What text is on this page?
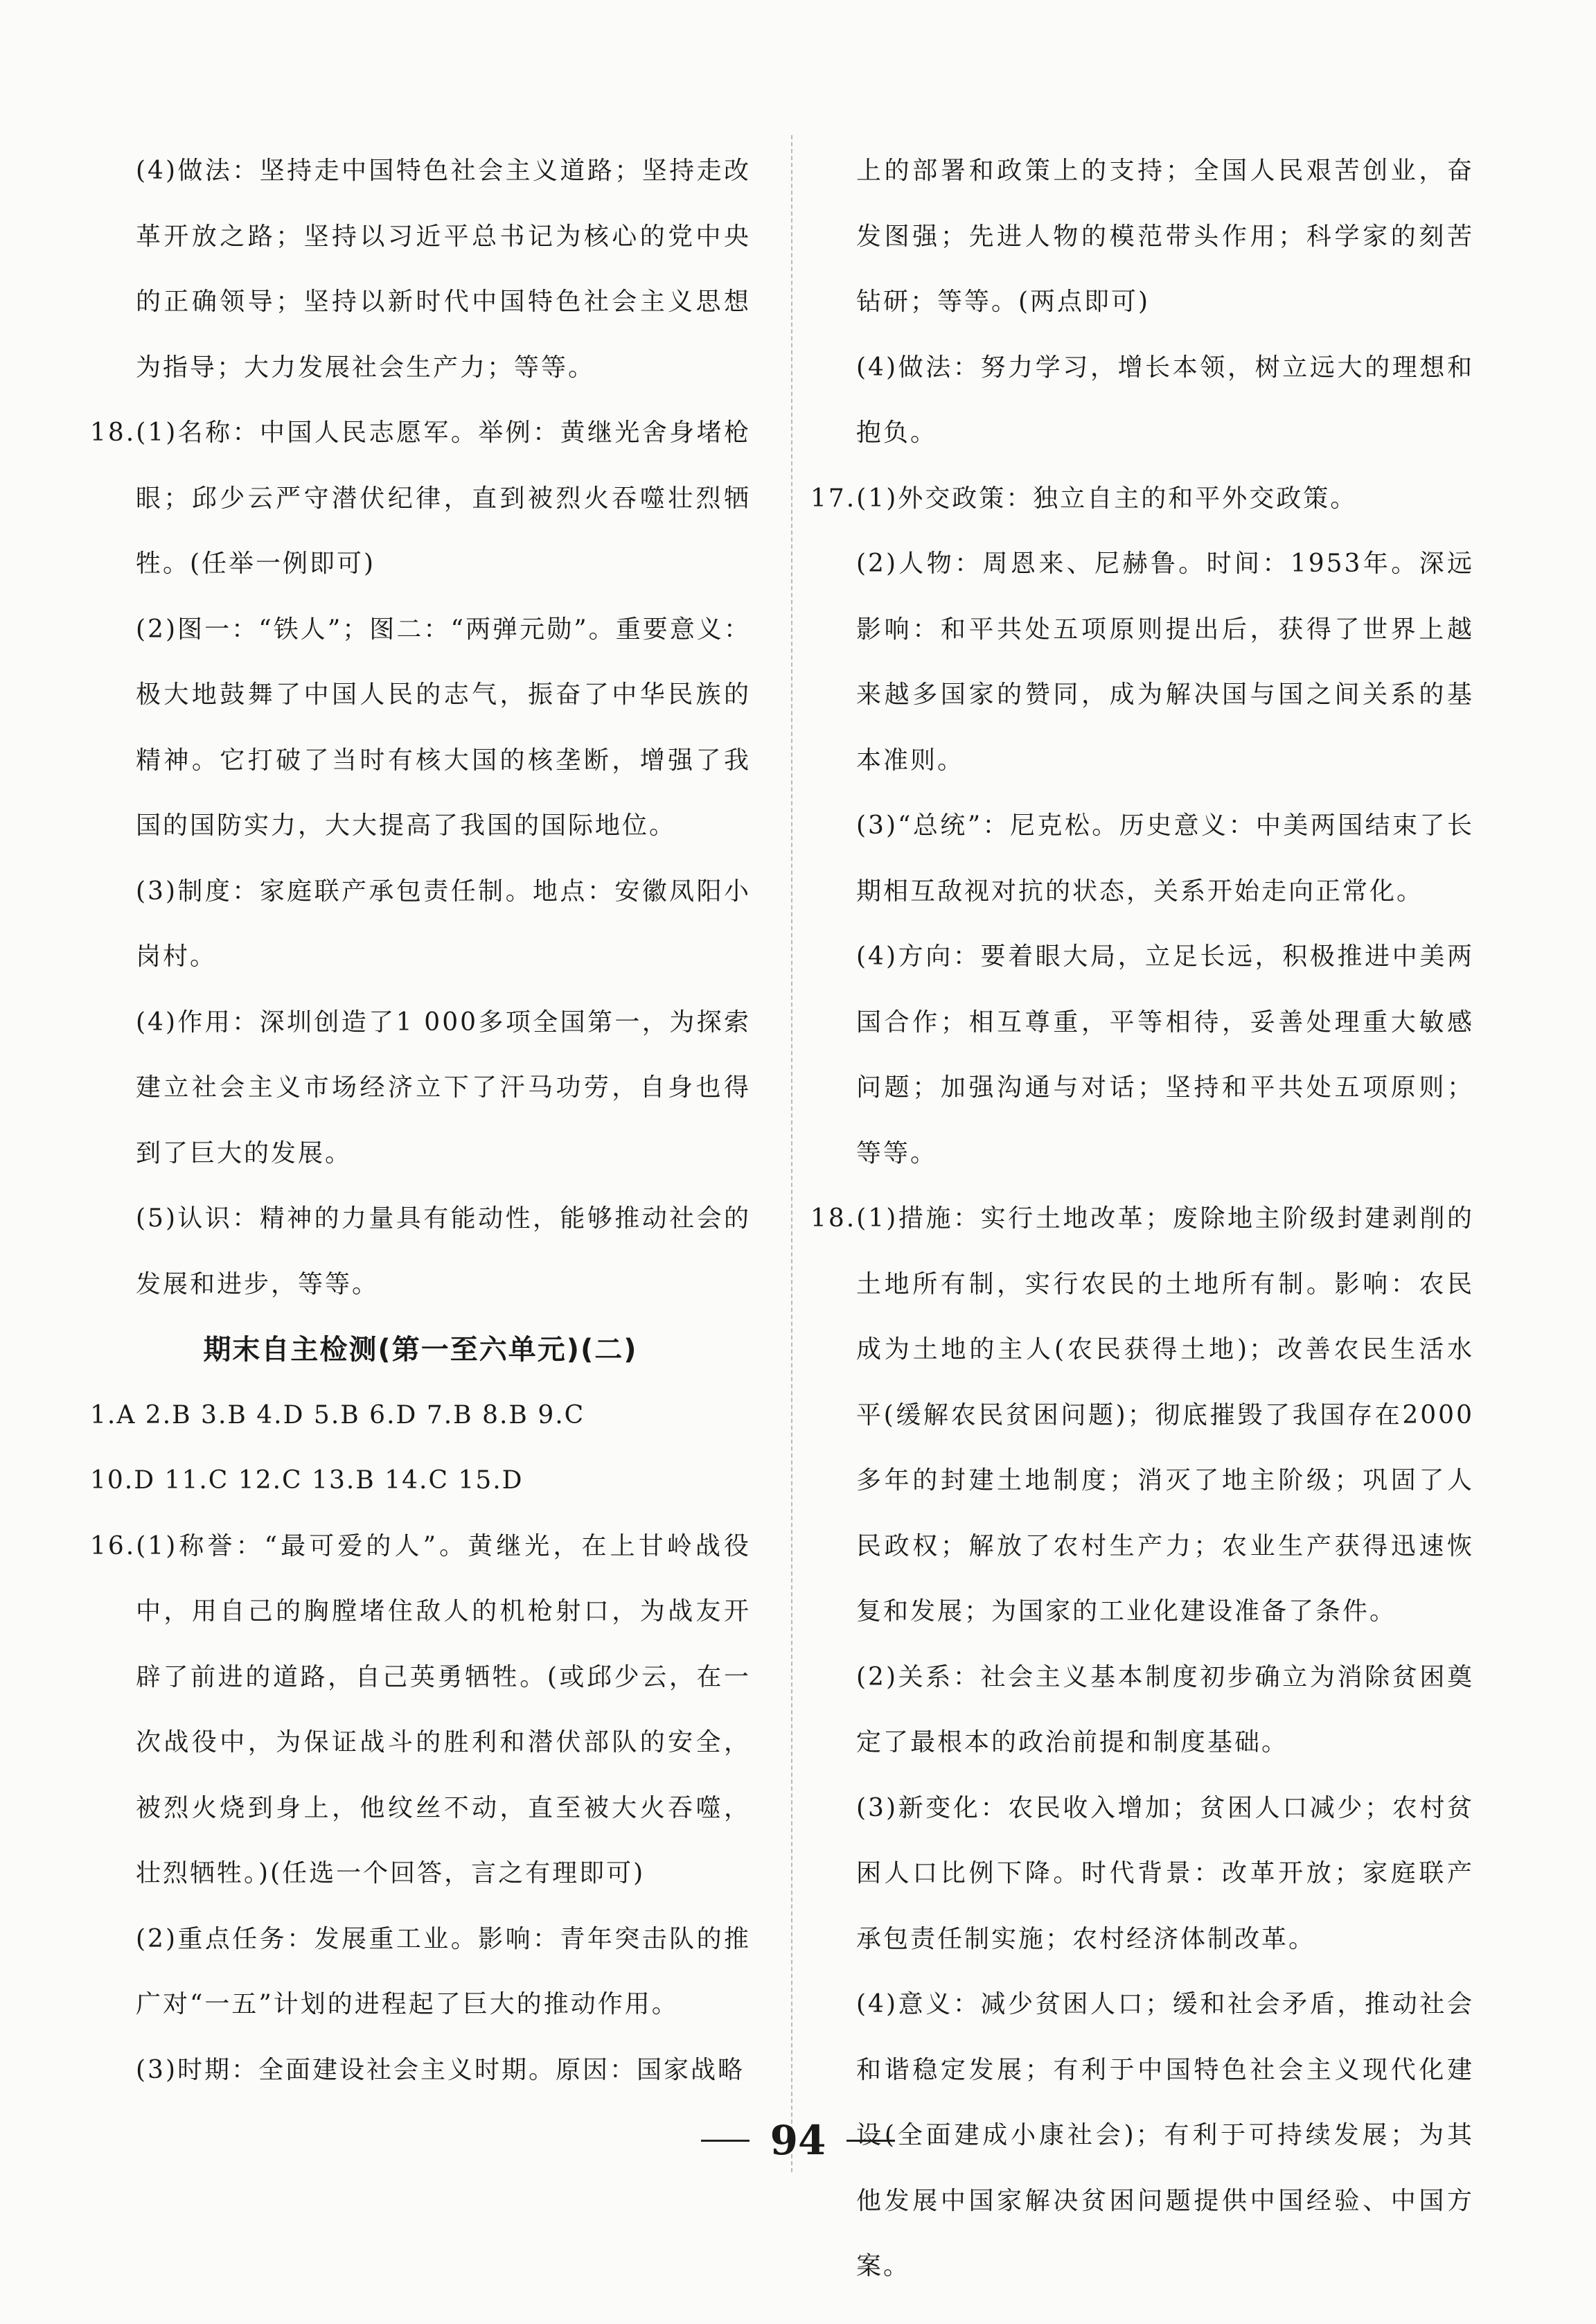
(4)做法：坚持走中国特色社会主义道路；坚持走改革开放之路；坚持以习近平总书记为核心的党中央的正确领导；坚持以新时代中国特色社会主义思想为指导；大力发展社会生产力；等等。

18.(1)名称：中国人民志愿军。举例：黄继光舍身堵枪眼；邱少云严守潜伏纪律，直到被烈火吞噬壮烈牺牲。(任举一例即可)

(2)图一：“铁人”；图二：“两弹元勋”。重要意义：极大地鼓舞了中国人民的志气，振奋了中华民族的精神。它打破了当时有核大国的核垄断，增强了我国的国防实力，大大提高了我国的国际地位。

(3)制度：家庭联产承包责任制。地点：安徽凤阳小岗村。

(4)作用：深圳创造了1 000多项全国第一，为探索建立社会主义市场经济立下了汗马功劳，自身也得到了巨大的发展。

(5)认识：精神的力量具有能动性，能够推动社会的发展和进步，等等。

期末自主检测(第一至六单元)(二)

1.A 2.B 3.B 4.D 5.B 6.D 7.B 8.B 9.C

10.D 11.C 12.C 13.B 14.C 15.D

16.(1)称誉：“最可爱的人”。黄继光，在上甘岭战役中，用自己的胸膛堵住敌人的机枪射口，为战友开辟了前进的道路，自己英勇牺牲。(或邱少云，在一次战役中，为保证战斗的胜利和潜伏部队的安全，被烈火烧到身上，他纹丝不动，直至被大火吞噬，壮烈牺牲。)(任选一个回答，言之有理即可)

(2)重点任务：发展重工业。影响：青年突击队的推广对“一五”计划的进程起了巨大的推动作用。

(3)时期：全面建设社会主义时期。原因：国家战略

上的部署和政策上的支持；全国人民艰苦创业，奋发图强；先进人物的模范带头作用；科学家的刻苦钻研；等等。(两点即可)

(4)做法：努力学习，增长本领，树立远大的理想和抱负。

17.(1)外交政策：独立自主的和平外交政策。

(2)人物：周恩来、尼赫鲁。时间：1953年。深远影响：和平共处五项原则提出后，获得了世界上越来越多国家的赞同，成为解决国与国之间关系的基本准则。

(3)“总统”：尼克松。历史意义：中美两国结束了长期相互敌视对抗的状态，关系开始走向正常化。

(4)方向：要着眼大局，立足长远，积极推进中美两国合作；相互尊重，平等相待，妥善处理重大敏感问题；加强沟通与对话；坚持和平共处五项原则；等等。

18.(1)措施：实行土地改革；废除地主阶级封建剥削的土地所有制，实行农民的土地所有制。影响：农民成为土地的主人(农民获得土地)；改善农民生活水平(缓解农民贫困问题)；彻底摧毁了我国存在2000多年的封建土地制度；消灭了地主阶级；巩固了人民政权；解放了农村生产力；农业生产获得迅速恢复和发展；为国家的工业化建设准备了条件。

(2)关系：社会主义基本制度初步确立为消除贫困奠定了最根本的政治前提和制度基础。

(3)新变化：农民收入增加；贫困人口减少；农村贫困人口比例下降。时代背景：改革开放；家庭联产承包责任制实施；农村经济体制改革。

(4)意义：减少贫困人口；缓和社会矛盾，推动社会和谐稳定发展；有利于中国特色社会主义现代化建设(全面建成小康社会)；有利于可持续发展；为其他发展中国家解决贫困问题提供中国经验、中国方案。

94
